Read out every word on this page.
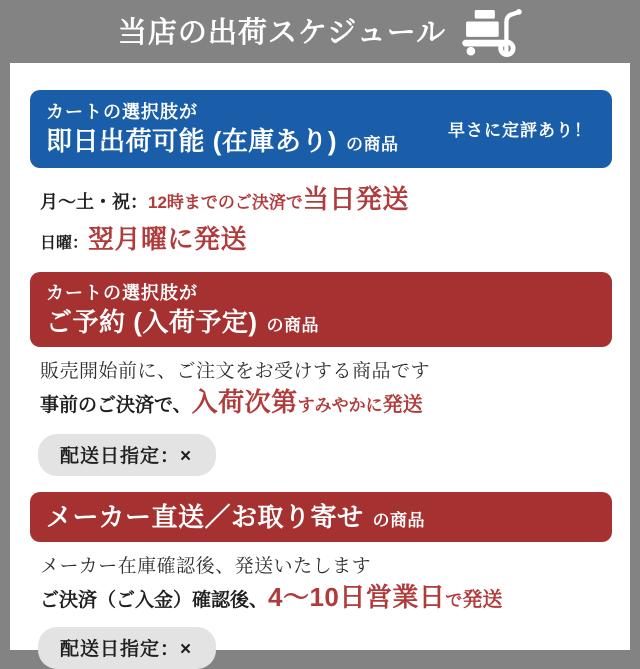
当店の出荷スケジュール
カートの選択肢が
即日出荷可能 (在庫あり) の商品
早さに定評あり！

月～土・祝：12時までのご決済で当日発送

日曜：翌月曜に発送

カートの選択肢が
ご予約 (入荷予定) の商品

販売開始前に、ご注文をお受けする商品です

事前のご決済で、入荷次第すみやかに発送

配送日指定：×
メーカー直送／お取り寄せ の商品

メーカー在庫確認後、発送いたします

ご決済（ご入金）確認後、4～10日営業日で発送

配送日指定：×
